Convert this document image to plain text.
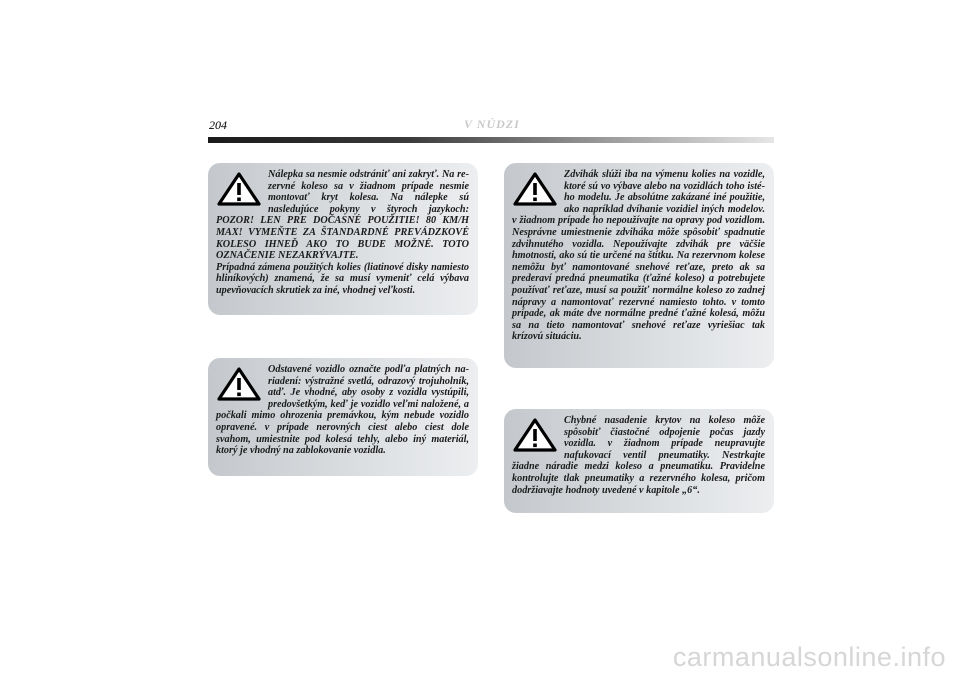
204	V NÚDZI

Nálepka sa nesmie odstrániť ani zakryť. Na rezervné koleso sa v žiadnom prípade nesmie montovať kryt kolesa. Na nálepke sú nasledujúce pokyny v štyroch jazykoch: POZOR! LEN PRE DOČASNÉ POUŽITIE! 80 KM/H MAX! VYMEŇTE ZA ŠTANDARDNÉ PREVÁDZKOVÉ KOLESO IHNEĎ AKO TO BUDE MOŽNÉ. TOTO OZNAČENIE NEZAKRÝVAJTE.

Prípadná zámena použitých kolies (liatinové disky namiesto hliníkových) znamená, že sa musí vymeniť celá výbava upevňovacích skrutiek za iné, vhodnej veľkosti.

Odstavené vozidlo označte podľa platných nariadení: výstražné svetlá, odrazový trojuholník, atď. Je vhodné, aby osoby z vozidla vystúpili, predovšetkým, keď je vozidlo veľmi naložené, a počkali mimo ohrozenia premávkou, kým nebude vozidlo opravené. v prípade nerovných ciest alebo ciest dole svahom, umiestnite pod kolesá tehly, alebo iný materiál, ktorý je vhodný na zablokovanie vozidla.

Zdvihák slúži iba na výmenu kolies na vozidle, ktoré sú vo výbave alebo na vozidlách toho istého modelu. Je absolútne zakázané iné použitie, ako napríklad dvíhanie vozidiel iných modelov. v žiadnom prípade ho nepoužívajte na opravy pod vozidlom. Nesprávne umiestnenie zdviháka môže spôsobiť spadnutie zdvihnutého vozidla. Nepoužívajte zdvihák pre väčšie hmotnosti, ako sú tie určené na štítku. Na rezervnom kolese nemôžu byť namontované snehové reťaze, preto ak sa prederaví predná pneumatika (ťažné koleso) a potrebujete používať reťaze, musí sa použiť normálne koleso zo zadnej nápravy a namontovať rezervné namiesto tohto. v tomto prípade, ak máte dve normálne predné ťažné kolesá, môžu sa na tieto namontovať snehové reťaze vyriešiac tak krízovú situáciu.

Chybné nasadenie krytov na koleso môže spôsobiť čiastočné odpojenie počas jazdy vozidla. v žiadnom prípade neupravujte nafukovací ventil pneumatiky. Nestrkajte žiadne náradie medzi koleso a pneumatiku. Pravidelne kontrolujte tlak pneumatiky a rezervného kolesa, pričom dodržiavajte hodnoty uvedené v kapitole „6“.

carmanualsonline.info
